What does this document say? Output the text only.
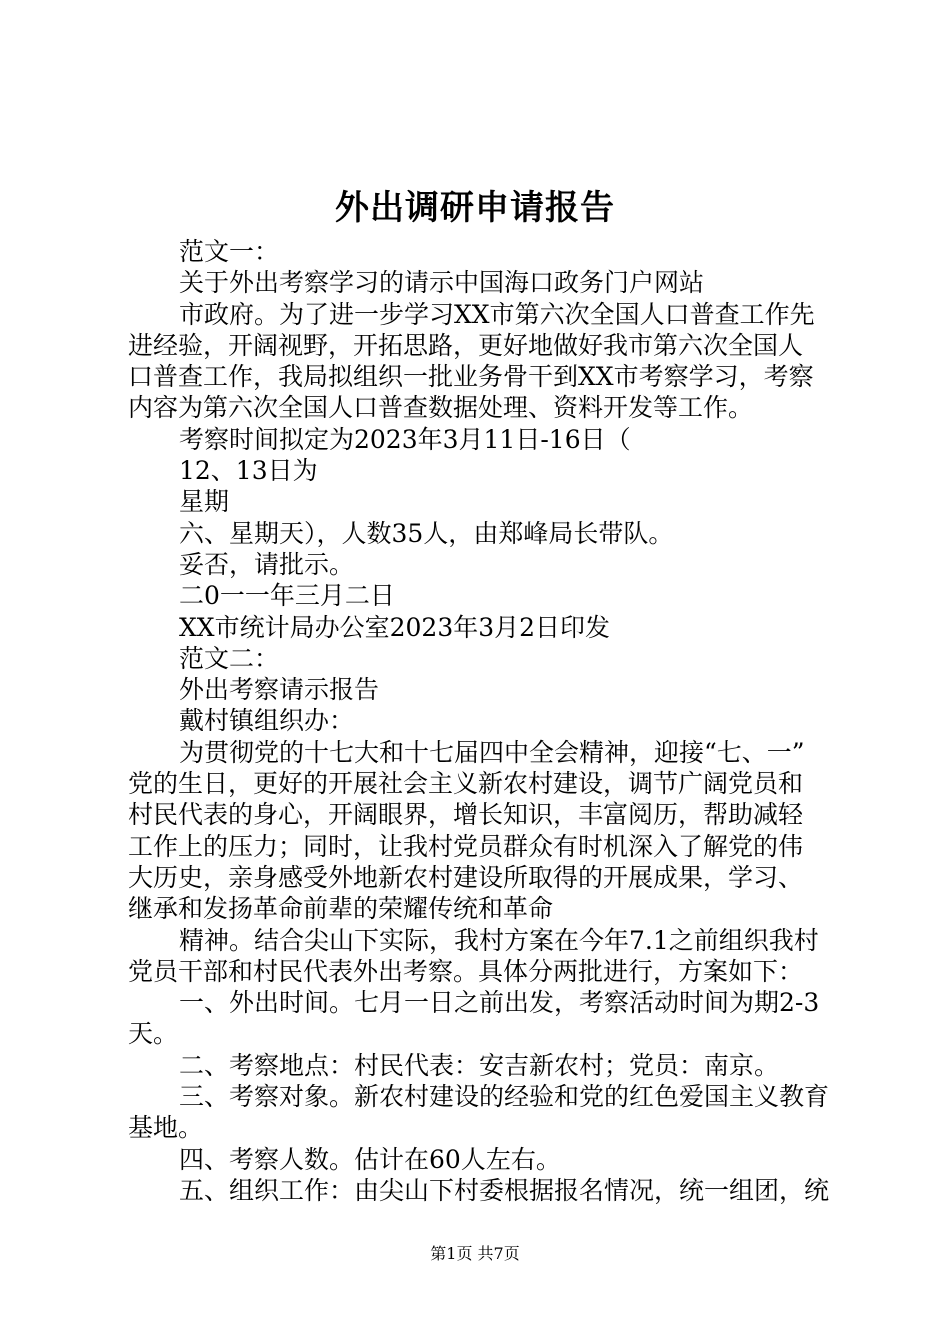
外出调研申请报告
范文一：
关于外出考察学习的请示中国海口政务门户网站
市政府。为了进一步学习XX市第六次全国人口普查工作先
进经验，开阔视野，开拓思路，更好地做好我市第六次全国人
口普查工作，我局拟组织一批业务骨干到XX市考察学习，考察
内容为第六次全国人口普查数据处理、资料开发等工作。
考察时间拟定为2023年3月11日-16日（
12、13日为
星期
六、星期天），人数35人，由郑峰局长带队。
妥否，请批示。
二0一一年三月二日
XX市统计局办公室2023年3月2日印发
范文二：
外出考察请示报告
戴村镇组织办：
为贯彻党的十七大和十七届四中全会精神，迎接“七、一”
党的生日，更好的开展社会主义新农村建设，调节广阔党员和
村民代表的身心，开阔眼界，增长知识，丰富阅历，帮助减轻
工作上的压力；同时，让我村党员群众有时机深入了解党的伟
大历史，亲身感受外地新农村建设所取得的开展成果，学习、
继承和发扬革命前辈的荣耀传统和革命
精神。结合尖山下实际，我村方案在今年7.1之前组织我村
党员干部和村民代表外出考察。具体分两批进行，方案如下：
一、外出时间。七月一日之前出发，考察活动时间为期2-3
天。
二、考察地点：村民代表：安吉新农村；党员：南京。
三、考察对象。新农村建设的经验和党的红色爱国主义教育
基地。
四、考察人数。估计在60人左右。
五、组织工作：由尖山下村委根据报名情况，统一组团，统
第1页 共7页
